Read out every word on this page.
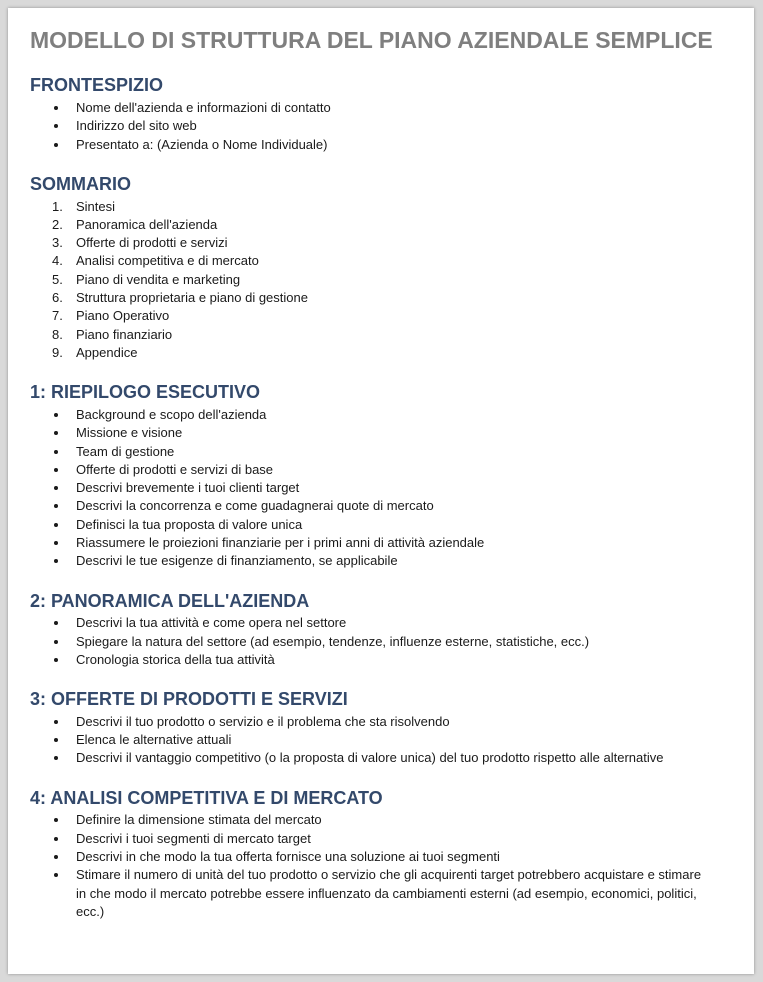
MODELLO DI STRUTTURA DEL PIANO AZIENDALE SEMPLICE
FRONTESPIZIO
Nome dell'azienda e informazioni di contatto
Indirizzo del sito web
Presentato a: (Azienda o Nome Individuale)
SOMMARIO
1.	Sintesi
2.	Panoramica dell'azienda
3.	Offerte di prodotti e servizi
4.	Analisi competitiva e di mercato
5.	Piano di vendita e marketing
6.	Struttura proprietaria e piano di gestione
7.	Piano Operativo
8.	Piano finanziario
9.	Appendice
1: RIEPILOGO ESECUTIVO
Background e scopo dell'azienda
Missione e visione
Team di gestione
Offerte di prodotti e servizi di base
Descrivi brevemente i tuoi clienti target
Descrivi la concorrenza e come guadagnerai quote di mercato
Definisci la tua proposta di valore unica
Riassumere le proiezioni finanziarie per i primi anni di attività aziendale
Descrivi le tue esigenze di finanziamento, se applicabile
2: PANORAMICA DELL'AZIENDA
Descrivi la tua attività e come opera nel settore
Spiegare la natura del settore (ad esempio, tendenze, influenze esterne, statistiche, ecc.)
Cronologia storica della tua attività
3: OFFERTE DI PRODOTTI E SERVIZI
Descrivi il tuo prodotto o servizio e il problema che sta risolvendo
Elenca le alternative attuali
Descrivi il vantaggio competitivo (o la proposta di valore unica) del tuo prodotto rispetto alle alternative
4: ANALISI COMPETITIVA E DI MERCATO
Definire la dimensione stimata del mercato
Descrivi i tuoi segmenti di mercato target
Descrivi in che modo la tua offerta fornisce una soluzione ai tuoi segmenti
Stimare il numero di unità del tuo prodotto o servizio che gli acquirenti target potrebbero acquistare e stimare in che modo il mercato potrebbe essere influenzato da cambiamenti esterni (ad esempio, economici, politici, ecc.)
